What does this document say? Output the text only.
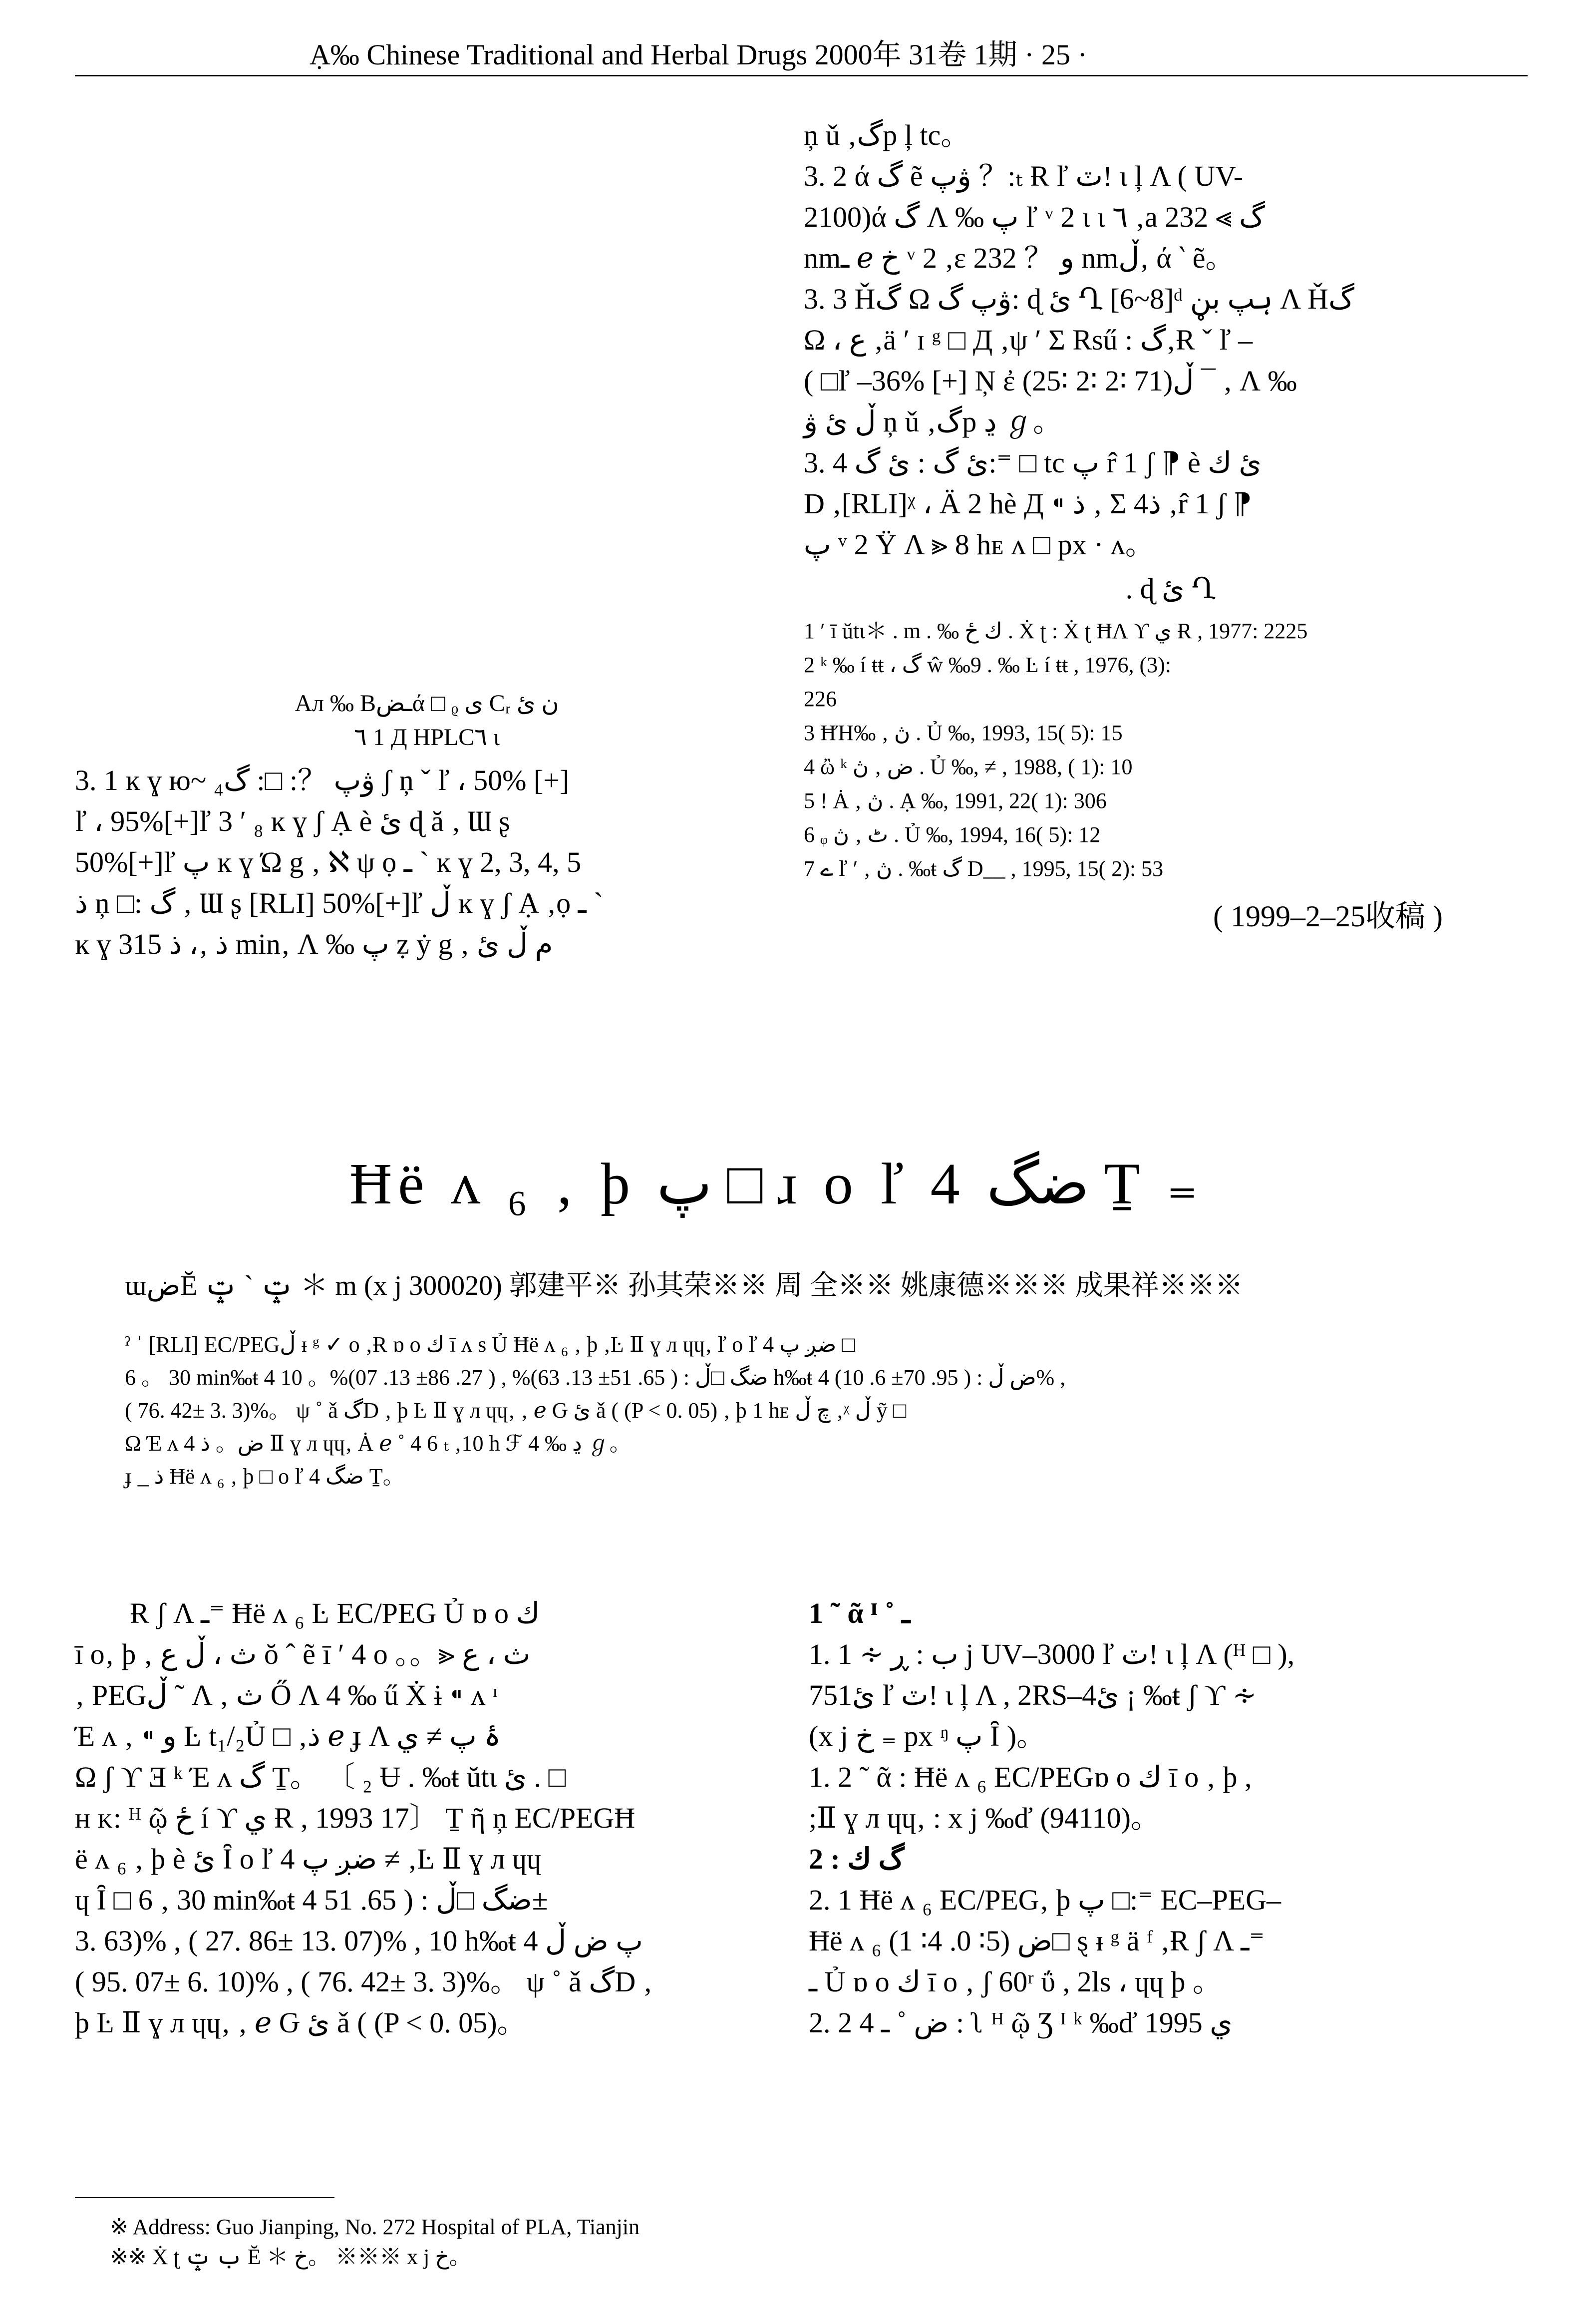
Ạ‰ Chinese Traditional and Herbal Drugs 2000年 31卷 1期 · 25 ·
ņ ǔ ‚گp ļ tc。
3. 2 ά گ ẽ ۋپ ？:ₜ Ɍ ľ ٽǃ ι ļ Λ ( UV-
2100)ά گ Ʌ ‰ پ ľ ᵛ 2 ι ɩ ٦ ‚a گ ⪢ 232
nmـ ℯ خ ᵛ 2 ‚ɛ و ？ 232 nmڵ‚ ά ‵ ẽ。
3. 3 Ȟگ Ω ۋپ گ: ɖ ئ Ղ [6~8]ᵈ ہپ بڼ Λ Ȟگ
Ω ، ع ‚ä ′ ɪ ᵍ □ Д ‚ψ ′ Σ Rsű : گ‚Ɍ ˇ ľ –
( □ľ –36% [+] Ņ ἐ (25∶ 2∶ 2∶ 71)ڵ ¯ ‚ Ʌ ‰
ڵ ئ ۋ ņ ǔ ‚گp ڍ ℊ。
3. 4 ئ گ : ئ گ:⁼ □ tc پ r̂ 1 ʃ ⁋ è ئ ك
D ‚[RLI]ᵡ ، Ä 2 hè Д ⁌ ذ ‚ Σ 4ذ ‚r̂ 1 ʃ ⁋
پ ᵛ 2 Ÿ Λ ⪢ 8 hᴇ ʌ □ px · ʌ。
. ɖ ئ Ղ
1 ′ ī ŭtι＊ . m . ‰ ك ځ . Ẋ ʈ : Ẋ ʈ ĦΛ ϒ ي Ɍ , 1977: 2225
2 ᵏ ‰ í ŧŧ ، گ ŵ ‰9 . ‰ Ŀ í ŧŧ , 1976, (3):
226
3 ĦΉ‰ ‚ ڽ . Ủ ‰, 1993, 15( 5): 15
4 ὢ ᵏ ض ‚ ڽ . Ủ ‰, ≠ , 1988, ( 1): 10
5 ! Ȧ ‚ ڽ . Ạ ‰, 1991, 22( 1): 306
6 ᵩ ٹ ‚ ڽ . Ủ ‰, 1994, 16( 5): 12
7 ے ľ ′ ‚ ڽ . ‰ŧ گ D__ , 1995, 15( 2): 53
( 1999–2–25收稿 )
Aᴫ ‰ Bـضά □ ᵨ ی Cᵣ ن ئ
٦ 1 Д HPLC٦ ɩ
3. 1 ĸ ɣ ю~ ۋپ ？: □: گ₄ ʃ ņ ˇ ľ ، 50% [+]
ľ ، 95%[+]ľ 3 ′ ₈ ĸ ɣ ʃ Ạ è ئ ɖ ă ‚ Ɯ ʂ
50%[+]ľ پ ĸ ɣ Ώ g ‚ ℵ ψ ọ ـ ` ĸ ɣ 2, 3, 4, 5
ذ ņ □: گ ‚ Ɯ ʂ [RLI] 50%[+]ľ ڵ ĸ ɣ ʃ Ạ ‚ọ ـ `
ĸ ɣ 3ذ ‚، ذ 15 min‚ Ʌ ‰ پ ẓ ẏ g ‚ م ڵ ئ
Ħë ʌ ₆ ‚ þ پ □ ɹ o ľ 4 ضگ Ṯ ₌
ɯضĔ ݓ ` ݓ ＊ m (x j 300020) 郭建平※ 孙其荣※※ 周 全※※ 姚康德※※※ 成果祥※※※
ˀ ˈ [RLI] EC/PEGڵ ᵻ ᵍ ✓ o ‚Ɍ ɒ o ك ī ʌ s Ủ Ħë ʌ ₆ ‚ þ ‚Ŀ Ⅱ ɣ л ɥɥ‚ ľ o ľ 4 ضږ پ □
6 。 30 min‰ŧ 4 ضگ □ڵ : ( 65. 51± 13. 63)% , ( 27. 86± 13. 07)%。 10 h‰ŧ 4 ض ڵ : ( 95. 70± 6. 10)% ,
( 76. 42± 3. 3)%。 ψ ˚ ǎ گD ‚ þ Ŀ Ⅱ ɣ л ɥɥ‚ ‚ ℯ Ԍ ئ ǎ ( (P < 0. 05) ‚ þ 1 hᴇ چ ڵ ‚ᵡ ڵ ỹ □
Ω Έ ʌ 4 ض。 ذ Ⅱ ɣ л ɥɥ‚ Ȧ ℯ ˚ 4 6 ₜ ‚10 h ℱ 4 ‰ ڍ ℊ。
ɟ _ ذ Ħë ʌ ₆ ‚ þ □ o ľ 4 ضگ Ṯ。
Ɍ ʃ Λ ـ⁼ Ħë ʌ ₆ Ŀ EC/PEG Ủ ɒ o ك
ī o‚ þ ‚ ث ، ڵ ع ŏ ˆ ẽ ī ′ 4 o 。。⪢ ث ، ع
‚ PEGڵ ˜ Λ ‚ ث Ő Λ 4 ‰ ű Ẋ ɨ ⁌ ʌ ᶦ
Έ ʌ ‚ ⁌ و Ŀ t₁/₂Ủ □ ‚ذ ℯ ɟ Λ ۂ پ ≠ ي
Ω ʃ ϒ Ǝ ᵏ Έ ʌ گ Ṯ。 〔 ₂ Ʉ . ‰ŧ ŭtι ئ . □
ʜ ᴋ: ᴴ ῷ ځ í ϒ ي Ɍ , 1993 17〕 Ṯ ῆ ņ EC/PEGĦ
ë ʌ ₆ ‚ þ è ئ Ȋ o ľ 4 ضږ پ ≠ ‚Ŀ Ⅱ ɣ л ɥɥ
ɥ Ȋ □ 6 ‚ 30 min‰ŧ 4 ضگ □ڵ : ( 65. 51±
3. 63)% , ( 27. 86± 13. 07)% , 10 h‰ŧ 4 پ ض ڵ
( 95. 07± 6. 10)% , ( 76. 42± 3. 3)%。 ψ ˚ ǎ گD ‚
þ Ŀ Ⅱ ɣ л ɥɥ‚ ‚ ℯ Ԍ ئ ǎ ( (P < 0. 05)。
1 ˜ ᾶ ᴵ ˚ ـ
1. 1 ∻ ب : ڕ j UV–3000 ľ ٽǃ ι ļ Λ (ᴴ □ ),
751ئ ľ ٽǃ ι ļ Λ , 2RS–4ئ ¡ ‰ŧ ʃ ϒ ∻
(x j خ ₌ px ᵑ پ Ȋ )。
1. 2 ˜ ᾶ : Ħë ʌ ₆ EC/PEGɒ o ك ī o ‚ þ ,
;Ⅱ ɣ л ɥɥ‚ : x j ‰ď (94110)。
2 : گ ك
2. 1 Ħë ʌ ₆ EC/PEG‚ þ پ □:⁼ EC–PEG–
Ħë ʌ ₆ ض (5∶ 0. 4∶ 1)□ ȿ ᵻ ᵍ ä ᶠ ‚Ɍ ʃ Λ ـ⁼
ـ Ủ ɒ o ك ī o ‚ ʃ 60ʳ ΰ , 2ls ، ɥɥ þ 。
2. 2 4 ض ˚ ـ : ʅ ᴴ ῷ Ʒ ᴵ ᵏ ‰ď 1995 ي
※ Address: Guo Jianping, No. 272 Hospital of PLA, Tianjin
※※ Ẋ ʈ ب ݓ Ĕ ＊ خ。 ※※※ x j خ。
